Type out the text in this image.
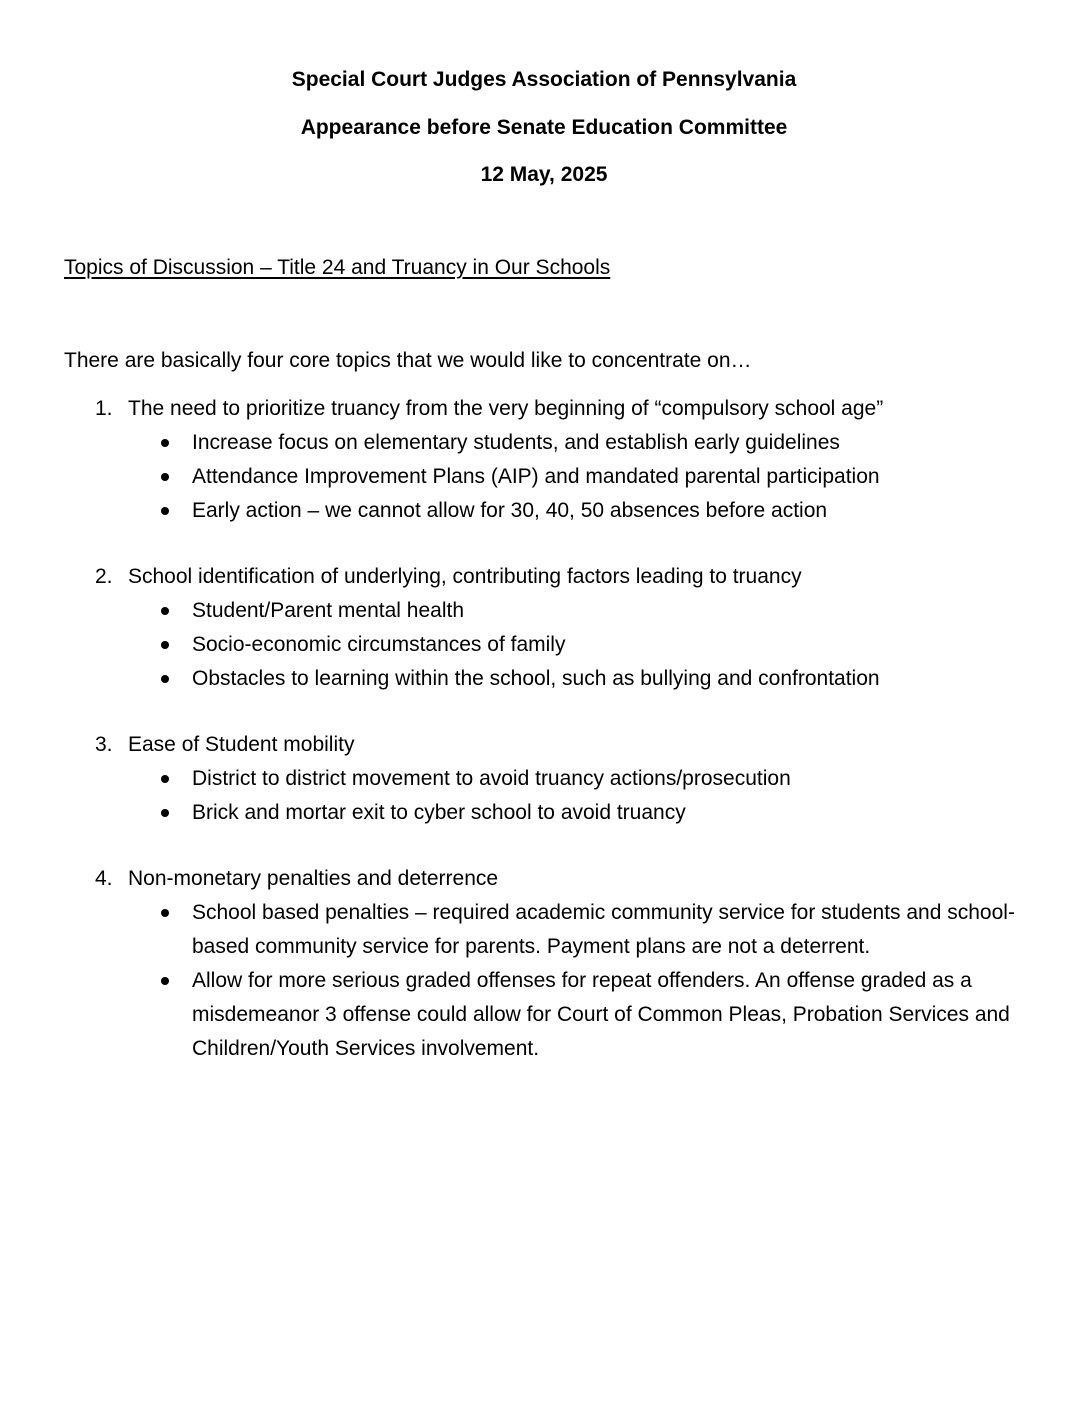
Special Court Judges Association of Pennsylvania
Appearance before Senate Education Committee
12 May, 2025
Topics of Discussion – Title 24 and Truancy in Our Schools
There are basically four core topics that we would like to concentrate on…
1. The need to prioritize truancy from the very beginning of “compulsory school age”
Increase focus on elementary students, and establish early guidelines
Attendance Improvement Plans (AIP) and mandated parental participation
Early action – we cannot allow for 30, 40, 50 absences before action
2. School identification of underlying, contributing factors leading to truancy
Student/Parent mental health
Socio-economic circumstances of family
Obstacles to learning within the school, such as bullying and confrontation
3. Ease of Student mobility
District to district movement to avoid truancy actions/prosecution
Brick and mortar exit to cyber school to avoid truancy
4. Non-monetary penalties and deterrence
School based penalties – required academic community service for students and school-based community service for parents. Payment plans are not a deterrent.
Allow for more serious graded offenses for repeat offenders. An offense graded as a misdemeanor 3 offense could allow for Court of Common Pleas, Probation Services and Children/Youth Services involvement.
